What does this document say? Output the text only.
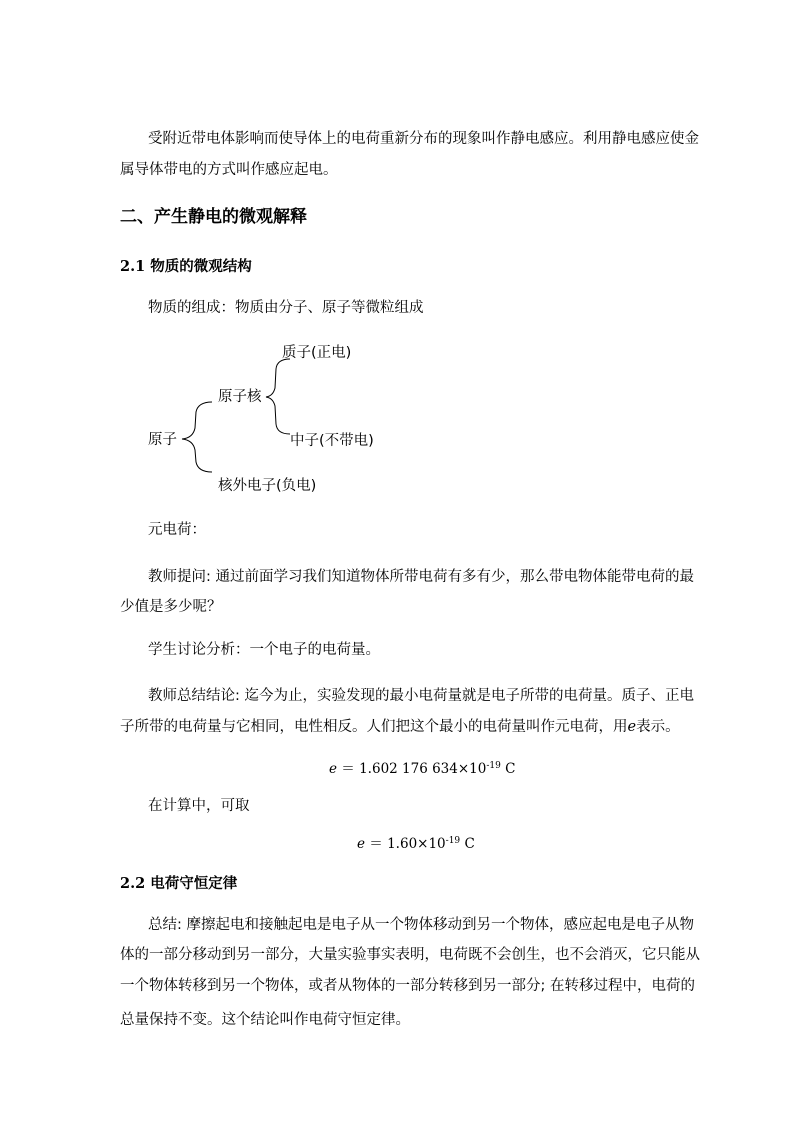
受附近带电体影响而使导体上的电荷重新分布的现象叫作静电感应。利用静电感应使金
属导体带电的方式叫作感应起电。
二、产生静电的微观解释
2.1 物质的微观结构
物质的组成：物质由分子、原子等微粒组成
原子
原子核
质子(正电)
中子(不带电)
核外电子(负电)
元电荷：
教师提问: 通过前面学习我们知道物体所带电荷有多有少，那么带电物体能带电荷的最
少值是多少呢？
学生讨论分析：一个电子的电荷量。
教师总结结论: 迄今为止，实验发现的最小电荷量就是电子所带的电荷量。质子、正电
子所带的电荷量与它相同，电性相反。人们把这个最小的电荷量叫作元电荷，用e表示。
e ＝ 1.602 176 $634\times 10^{-19}$ C
在计算中，可取
$e = 1.60\times 10^{-19}$ C
2.2 电荷守恒定律
总结: 摩擦起电和接触起电是电子从一个物体移动到另一个物体，感应起电是电子从物
体的一部分移动到另一部分，大量实验事实表明，电荷既不会创生，也不会消灭，它只能从
一个物体转移到另一个物体，或者从物体的一部分转移到另一部分; 在转移过程中，电荷的
总量保持不变。这个结论叫作电荷守恒定律。
